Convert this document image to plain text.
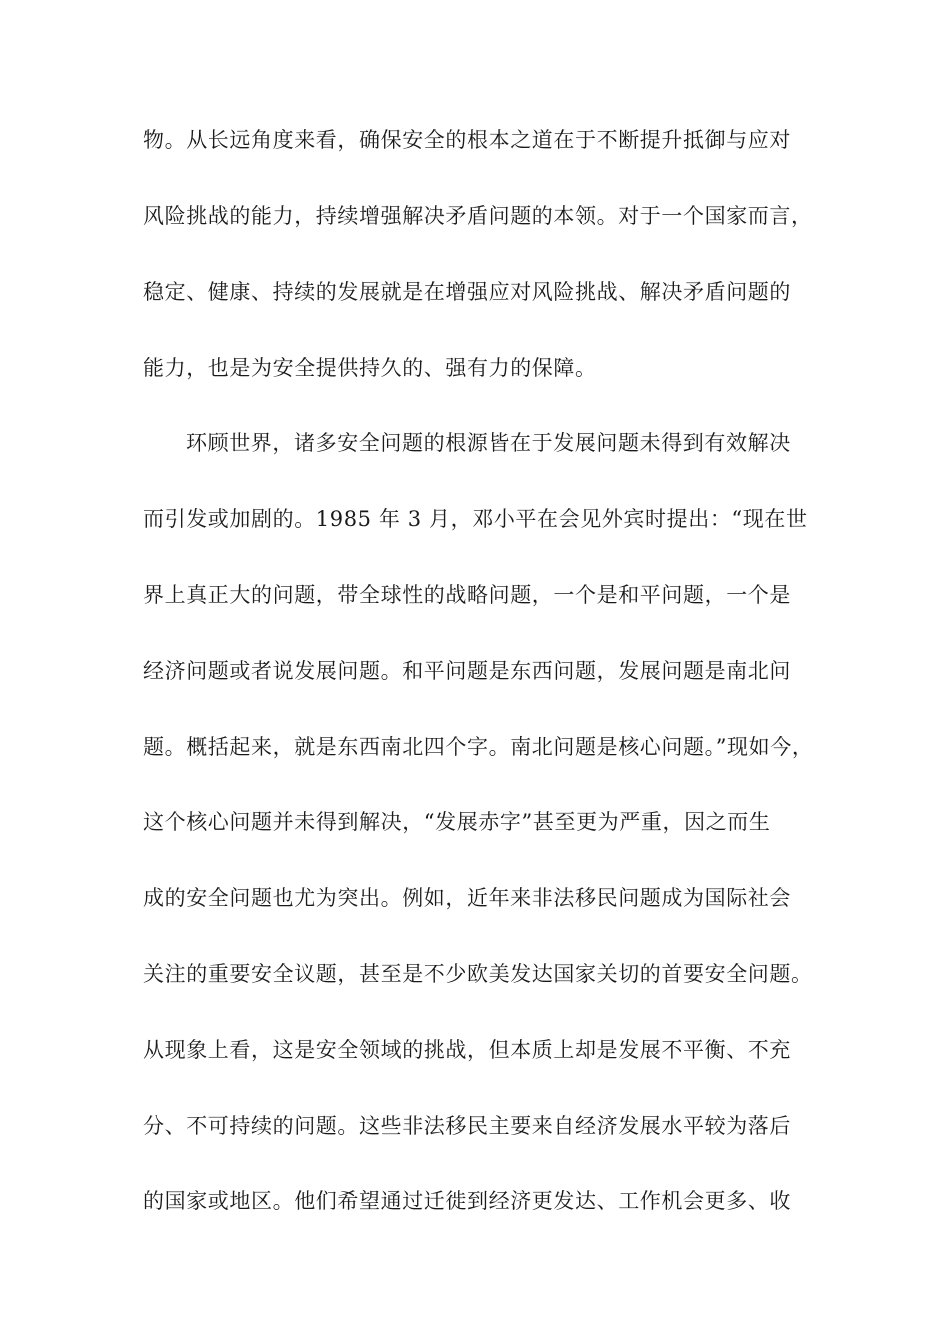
物。从长远角度来看，确保安全的根本之道在于不断提升抵御与应对
风险挑战的能力，持续增强解决矛盾问题的本领。对于一个国家而言，
稳定、健康、持续的发展就是在增强应对风险挑战、解决矛盾问题的
能力，也是为安全提供持久的、强有力的保障。
环顾世界，诸多安全问题的根源皆在于发展问题未得到有效解决
而引发或加剧的。1985 年 3 月，邓小平在会见外宾时提出：“现在世
界上真正大的问题，带全球性的战略问题，一个是和平问题，一个是
经济问题或者说发展问题。和平问题是东西问题，发展问题是南北问
题。概括起来，就是东西南北四个字。南北问题是核心问题。”现如今，
这个核心问题并未得到解决，“发展赤字”甚至更为严重，因之而生
成的安全问题也尤为突出。例如，近年来非法移民问题成为国际社会
关注的重要安全议题，甚至是不少欧美发达国家关切的首要安全问题。
从现象上看，这是安全领域的挑战，但本质上却是发展不平衡、不充
分、不可持续的问题。这些非法移民主要来自经济发展水平较为落后
的国家或地区。他们希望通过迁徙到经济更发达、工作机会更多、收
